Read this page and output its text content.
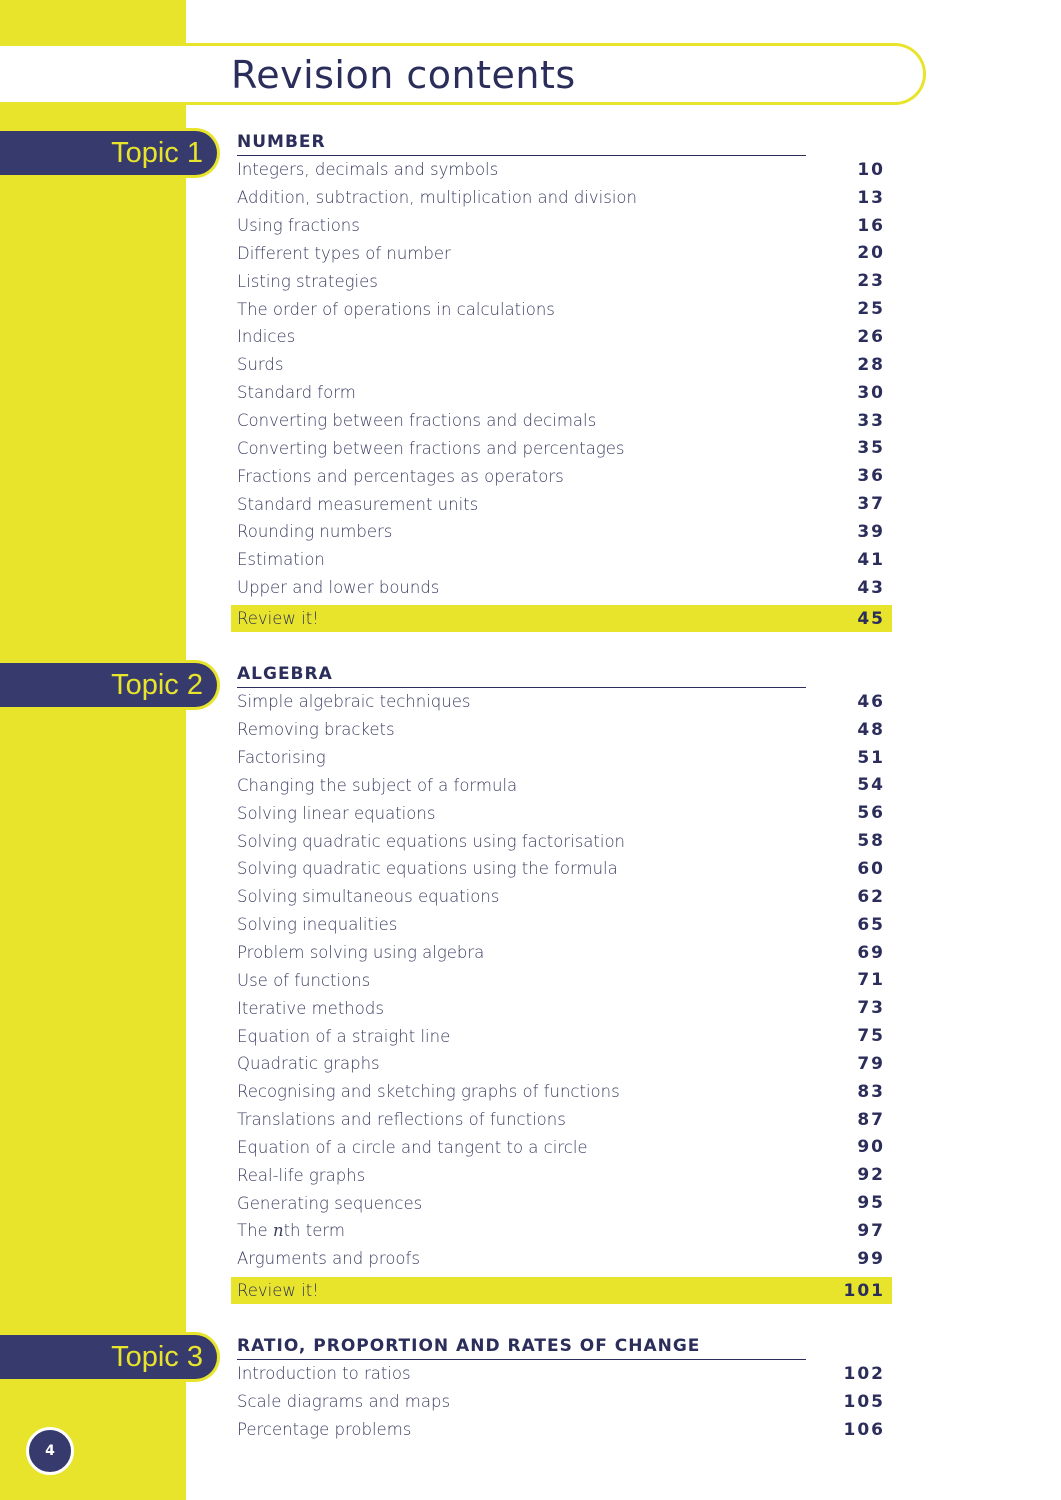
Revision contents
Topic 1 NUMBER
Integers, decimals and symbols	10
Addition, subtraction, multiplication and division	13
Using fractions	16
Different types of number	20
Listing strategies	23
The order of operations in calculations	25
Indices	26
Surds	28
Standard form	30
Converting between fractions and decimals	33
Converting between fractions and percentages	35
Fractions and percentages as operators	36
Standard measurement units	37
Rounding numbers	39
Estimation	41
Upper and lower bounds	43
Review it!	45
Topic 2 ALGEBRA
Simple algebraic techniques	46
Removing brackets	48
Factorising	51
Changing the subject of a formula	54
Solving linear equations	56
Solving quadratic equations using factorisation	58
Solving quadratic equations using the formula	60
Solving simultaneous equations	62
Solving inequalities	65
Problem solving using algebra	69
Use of functions	71
Iterative methods	73
Equation of a straight line	75
Quadratic graphs	79
Recognising and sketching graphs of functions	83
Translations and reflections of functions	87
Equation of a circle and tangent to a circle	90
Real-life graphs	92
Generating sequences	95
The nth term	97
Arguments and proofs	99
Review it!	101
Topic 3 RATIO, PROPORTION AND RATES OF CHANGE
Introduction to ratios	102
Scale diagrams and maps	105
Percentage problems	106
4
